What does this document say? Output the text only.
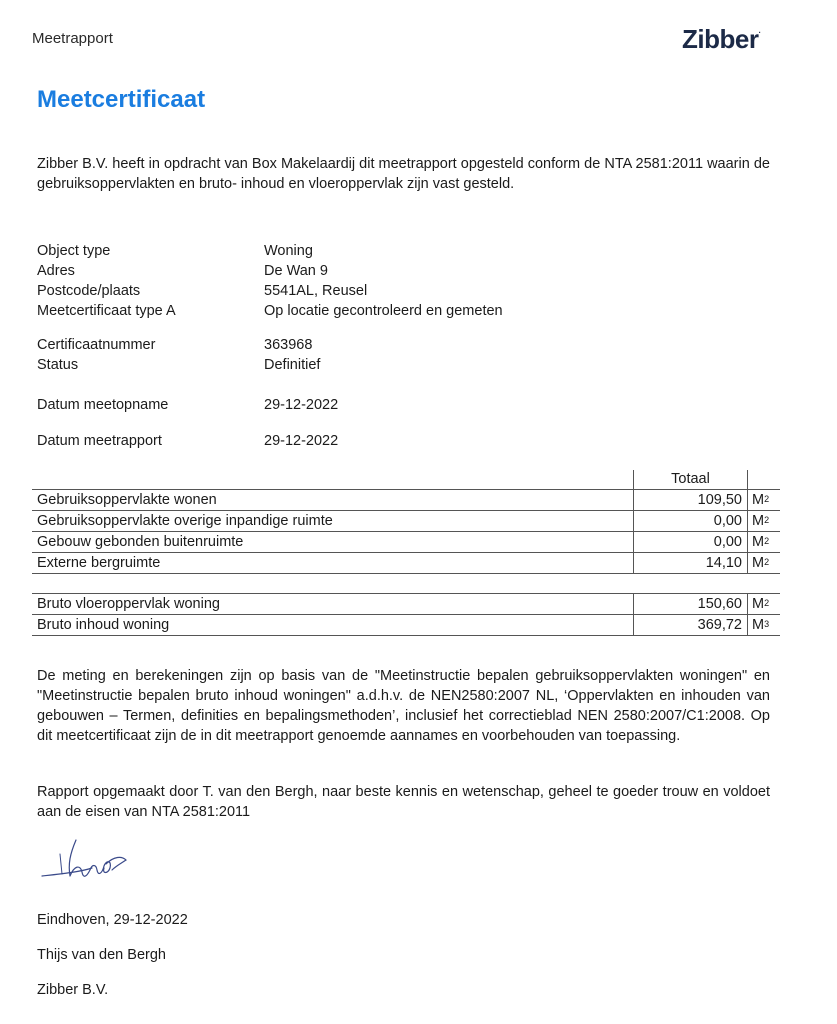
Meetrapport	Zibber.
Meetcertificaat
Zibber B.V. heeft in opdracht van Box Makelaardij dit meetrapport opgesteld conform de NTA 2581:2011 waarin de gebruiksoppervlakten en bruto- inhoud en vloeroppervlak zijn vast gesteld.
Object type	Woning
Adres	De Wan 9
Postcode/plaats	5541AL, Reusel
Meetcertificaat type A	Op locatie gecontroleerd en gemeten
Certificaatnummer	363968
Status	Definitief
Datum meetopname	29-12-2022
Datum meetrapport	29-12-2022
	Totaal	
Gebruiksoppervlakte wonen	109,50	$M^2$
Gebruiksoppervlakte overige inpandige ruimte	0,00	$M^2$
Gebouw gebonden buitenruimte	0,00	$M^2$
Externe bergruimte	14,10	$M^2$

Bruto vloeroppervlak woning	150,60	$M^2$
Bruto inhoud woning	369,72	$M^3$
De meting en berekeningen zijn op basis van de "Meetinstructie bepalen gebruiksoppervlakten woningen" en "Meetinstructie bepalen bruto inhoud woningen" a.d.h.v. de NEN2580:2007 NL, ‘Oppervlakten en inhouden van gebouwen – Termen, definities en bepalingsmethoden’, inclusief het correctieblad NEN 2580:2007/C1:2008. Op dit meetcertificaat zijn de in dit meetrapport genoemde aannames en voorbehouden van toepassing.
Rapport opgemaakt door T. van den Bergh, naar beste kennis en wetenschap, geheel te goeder trouw en voldoet aan de eisen van NTA 2581:2011
Eindhoven, 29-12-2022
Thijs van den Bergh
Zibber B.V.
